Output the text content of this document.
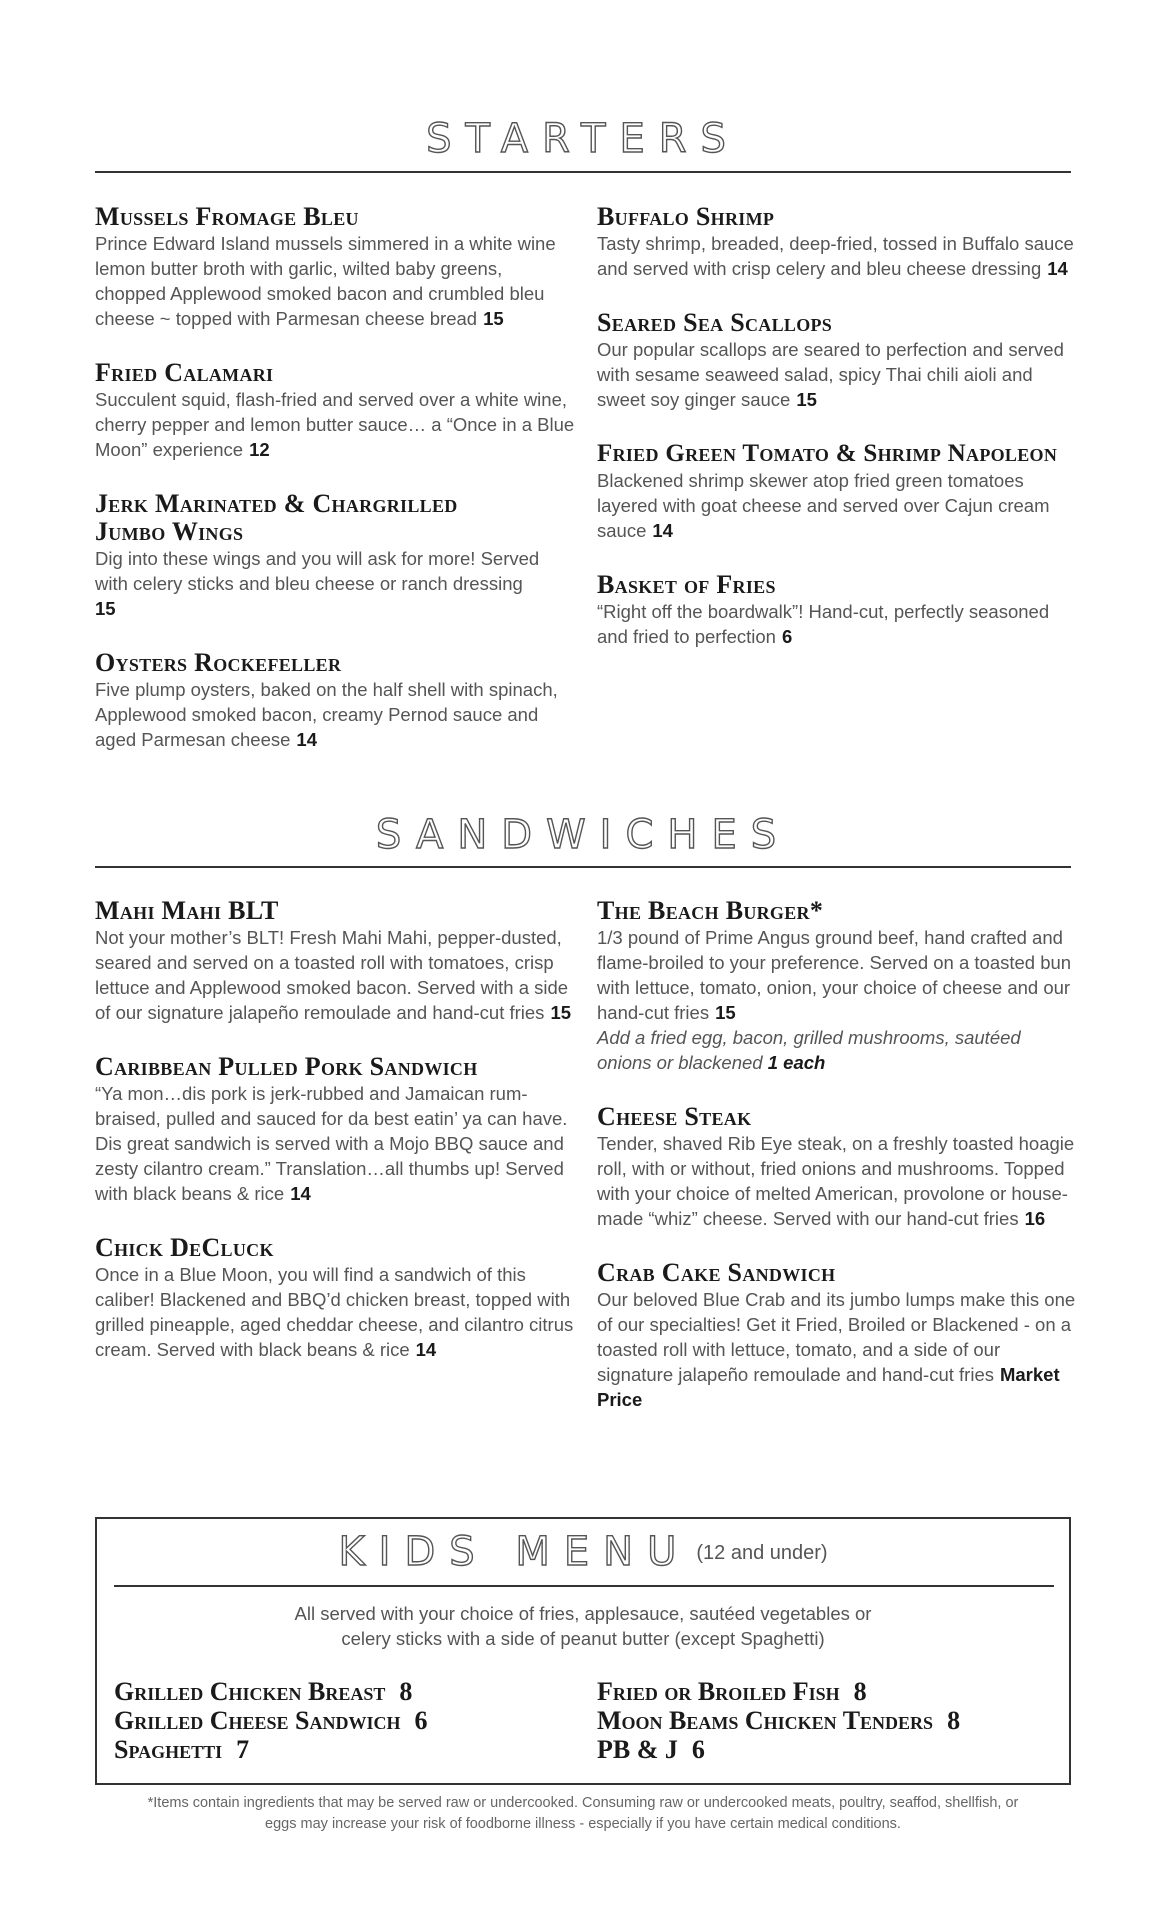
STARTERS
Mussels Fromage Bleu
Prince Edward Island mussels simmered in a white wine lemon butter broth with garlic, wilted baby greens, chopped Applewood smoked bacon and crumbled bleu cheese ~ topped with Parmesan cheese bread 15
Fried Calamari
Succulent squid, flash-fried and served over a white wine, cherry pepper and lemon butter sauce… a “Once in a Blue Moon” experience 12
Jerk Marinated & Chargrilled Jumbo Wings
Dig into these wings and you will ask for more! Served with celery sticks and bleu cheese or ranch dressing
15
Oysters Rockefeller
Five plump oysters, baked on the half shell with spinach, Applewood smoked bacon, creamy Pernod sauce and aged Parmesan cheese 14
Buffalo Shrimp
Tasty shrimp, breaded, deep-fried, tossed in Buffalo sauce and served with crisp celery and bleu cheese dressing 14
Seared Sea Scallops
Our popular scallops are seared to perfection and served with sesame seaweed salad, spicy Thai chili aioli and sweet soy ginger sauce 15
Fried Green Tomato & Shrimp Napoleon
Blackened shrimp skewer atop fried green tomatoes layered with goat cheese and served over Cajun cream sauce 14
Basket of Fries
“Right off the boardwalk”! Hand-cut, perfectly seasoned and fried to perfection 6
SANDWICHES
Mahi Mahi BLT
Not your mother’s BLT! Fresh Mahi Mahi, pepper-dusted, seared and served on a toasted roll with tomatoes, crisp lettuce and Applewood smoked bacon. Served with a side of our signature jalapeño remoulade and hand-cut fries 15
Caribbean Pulled Pork Sandwich
“Ya mon…dis pork is jerk-rubbed and Jamaican rum-braised, pulled and sauced for da best eatin’ ya can have. Dis great sandwich is served with a Mojo BBQ sauce and zesty cilantro cream.” Translation…all thumbs up! Served with black beans & rice 14
Chick DeCluck
Once in a Blue Moon, you will find a sandwich of this caliber! Blackened and BBQ’d chicken breast, topped with grilled pineapple, aged cheddar cheese, and cilantro citrus cream. Served with black beans & rice 14
The Beach Burger*
1/3 pound of Prime Angus ground beef, hand crafted and flame-broiled to your preference. Served on a toasted bun with lettuce, tomato, onion, your choice of cheese and our hand-cut fries 15
Add a fried egg, bacon, grilled mushrooms, sautéed onions or blackened 1 each
Cheese Steak
Tender, shaved Rib Eye steak, on a freshly toasted hoagie roll, with or without, fried onions and mushrooms. Topped with your choice of melted American, provolone or house-made “whiz” cheese. Served with our hand-cut fries 16
Crab Cake Sandwich
Our beloved Blue Crab and its jumbo lumps make this one of our specialties! Get it Fried, Broiled or Blackened - on a toasted roll with lettuce, tomato, and a side of our signature jalapeño remoulade and hand-cut fries Market Price
KIDS MENU (12 and under)
All served with your choice of fries, applesauce, sautéed vegetables or
celery sticks with a side of peanut butter (except Spaghetti)
Grilled Chicken Breast 8
Grilled Cheese Sandwich 6
Spaghetti 7
Fried or Broiled Fish 8
Moon Beams Chicken Tenders 8
PB & J 6
*Items contain ingredients that may be served raw or undercooked. Consuming raw or undercooked meats, poultry, seaffod, shellfish, or
eggs may increase your risk of foodborne illness - especially if you have certain medical conditions.
